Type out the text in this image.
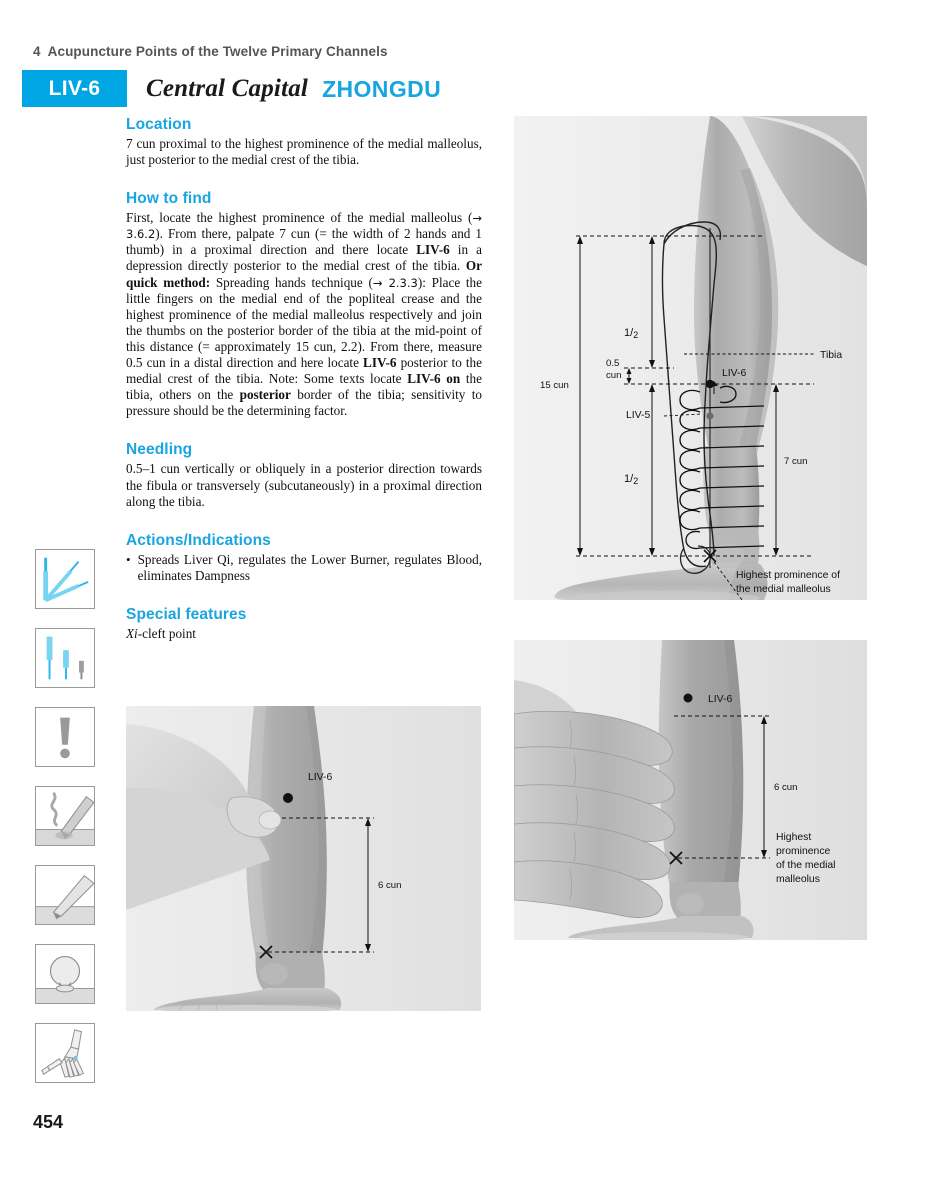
4 Acupuncture Points of the Twelve Primary Channels
LIV-6 Central Capital ZHONGDU
Location

7 cun proximal to the highest prominence of the medial malleolus, just posterior to the medial crest of the tibia.

How to find

First, locate the highest prominence of the medial malleolus (→ 3.6.2). From there, palpate 7 cun (= the width of 2 hands and 1 thumb) in a proximal direction and there locate LIV-6 in a depression directly posterior to the medial crest of the tibia. Or quick method: Spreading hands technique (→ 2.3.3): Place the little fingers on the medial end of the popliteal crease and the highest prominence of the medial malleolus respectively and join the thumbs on the posterior border of the tibia at the mid-point of this distance (= approximately 15 cun, 2.2). From there, measure 0.5 cun in a distal direction and here locate LIV-6 posterior to the medial crest of the tibia. Note: Some texts locate LIV-6 on the tibia, others on the posterior border of the tibia; sensitivity to pressure should be the determining factor.

Needling

0.5–1 cun vertically or obliquely in a posterior direction towards the fibula or transversely (subcutaneously) in a proximal direction along the tibia.

Actions/Indications
• Spreads Liver Qi, regulates the Lower Burner, regulates Blood, eliminates Dampness
Special features

Xi-cleft point

15 cun
0.5
cun
1/2
1/2
LIV-6
LIV-5
Tibia
7 cun
Highest prominence of
the medial malleolus
LIV-6
6 cun
Highest
prominence
of the medial
malleolus
LIV-6
6 cun
454
